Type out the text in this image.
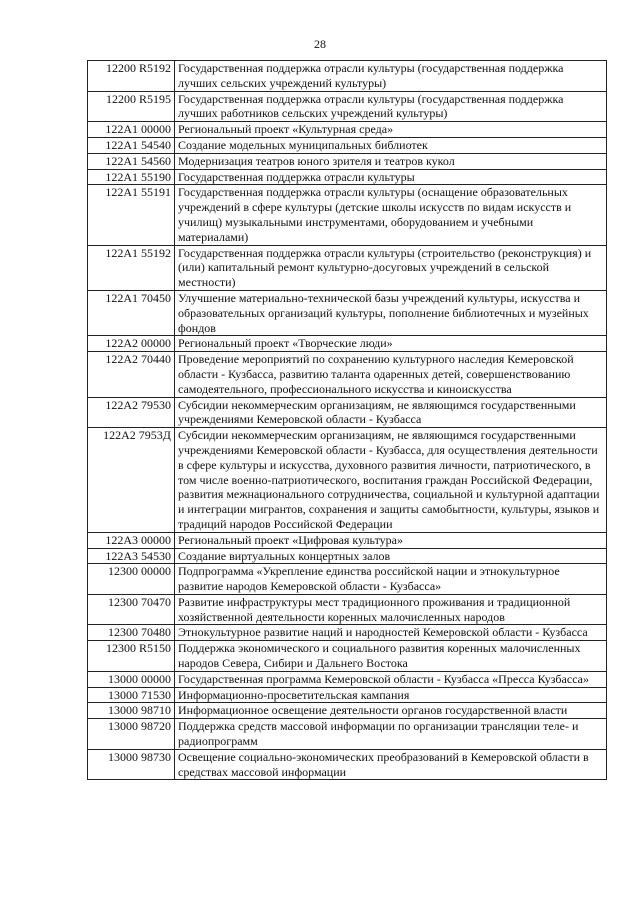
28
12200 R5192	Государственная поддержка отрасли культуры (государственная поддержка лучших сельских учреждений культуры)
12200 R5195	Государственная поддержка отрасли культуры (государственная поддержка лучших работников сельских учреждений культуры)
122A1 00000	Региональный проект «Культурная среда»
122A1 54540	Создание модельных муниципальных библиотек
122A1 54560	Модернизация театров юного зрителя и театров кукол
122A1 55190	Государственная поддержка отрасли культуры
122A1 55191	Государственная поддержка отрасли культуры (оснащение образовательных учреждений в сфере культуры (детские школы искусств по видам искусств и училищ) музыкальными инструментами, оборудованием и учебными материалами)
122A1 55192	Государственная поддержка отрасли культуры (строительство (реконструкция) и (или) капитальный ремонт культурно-досуговых учреждений в сельской местности)
122A1 70450	Улучшение материально-технической базы учреждений культуры, искусства и образовательных организаций культуры, пополнение библиотечных и музейных фондов
122A2 00000	Региональный проект «Творческие люди»
122A2 70440	Проведение мероприятий по сохранению культурного наследия Кемеровской области - Кузбасса, развитию таланта одаренных детей, совершенствованию самодеятельного, профессионального искусства и киноискусства
122A2 79530	Субсидии некоммерческим организациям, не являющимся государственными учреждениями Кемеровской области - Кузбасса
122A2 7953Д	Субсидии некоммерческим организациям, не являющимся государственными учреждениями Кемеровской области - Кузбасса, для осуществления деятельности в сфере культуры и искусства, духовного развития личности, патриотического, в том числе военно-патриотического, воспитания граждан Российской Федерации, развития межнационального сотрудничества, социальной и культурной адаптации и интеграции мигрантов, сохранения и защиты самобытности, культуры, языков и традиций народов Российской Федерации
122A3 00000	Региональный проект «Цифровая культура»
122A3 54530	Создание виртуальных концертных залов
12300 00000	Подпрограмма «Укрепление единства российской нации и этнокультурное развитие народов Кемеровской области - Кузбасса»
12300 70470	Развитие инфраструктуры мест традиционного проживания и традиционной хозяйственной деятельности коренных малочисленных народов
12300 70480	Этнокультурное развитие наций и народностей Кемеровской области - Кузбасса
12300 R5150	Поддержка экономического и социального развития коренных малочисленных народов Севера, Сибири и Дальнего Востока
13000 00000	Государственная программа Кемеровской области - Кузбасса «Пресса Кузбасса»
13000 71530	Информационно-просветительская кампания
13000 98710	Информационное освещение деятельности органов государственной власти
13000 98720	Поддержка средств массовой информации по организации трансляции теле- и радиопрограмм
13000 98730	Освещение социально-экономических преобразований в Кемеровской области в средствах массовой информации
